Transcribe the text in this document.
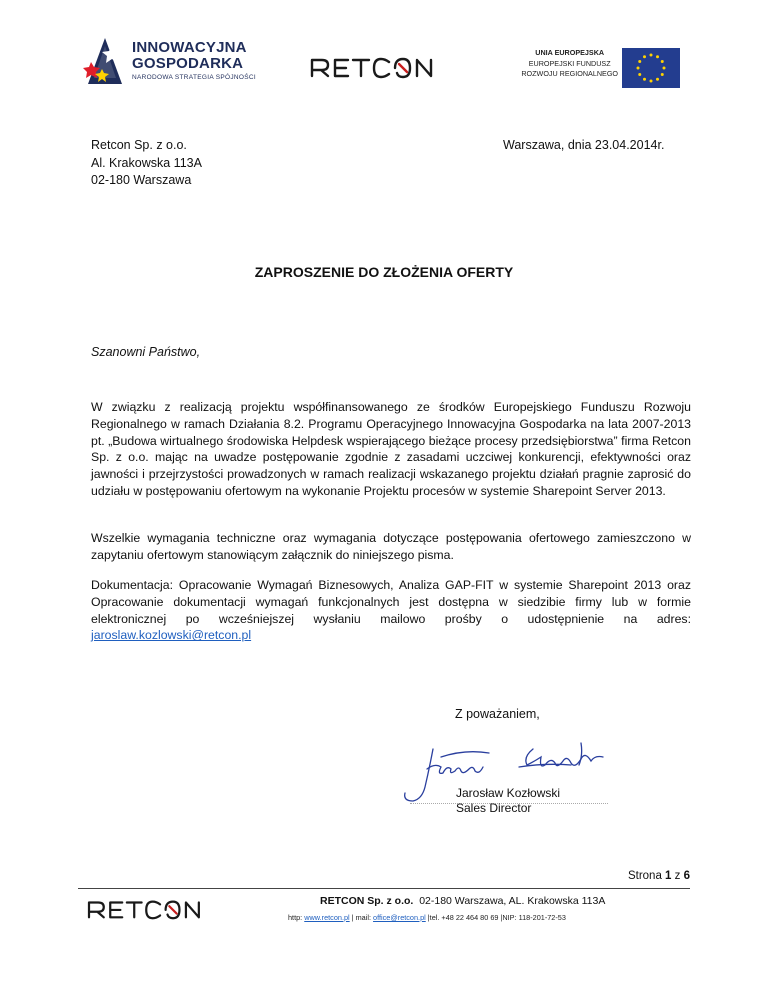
INNOWACYJNA
GOSPODARKA
NARODOWA STRATEGIA SPÓJNOŚCI
UNIA EUROPEJSKA
EUROPEJSKI FUNDUSZ
ROZWOJU REGIONALNEGO
Retcon Sp. z o.o.
Al. Krakowska 113A
02-180 Warszawa
Warszawa, dnia 23.04.2014r.
ZAPROSZENIE DO ZŁOŻENIA OFERTY
Szanowni Państwo,
W związku z realizacją projektu współfinansowanego ze środków Europejskiego Funduszu Rozwoju Regionalnego w ramach Działania 8.2. Programu Operacyjnego Innowacyjna Gospodarka na lata 2007-2013 pt. „Budowa wirtualnego środowiska Helpdesk wspierającego bieżące procesy przedsiębiorstwa” firma Retcon Sp. z o.o. mając na uwadze postępowanie zgodnie z zasadami uczciwej konkurencji, efektywności oraz jawności i przejrzystości prowadzonych w ramach realizacji wskazanego projektu działań pragnie zaprosić do udziału w postępowaniu ofertowym na wykonanie Projektu procesów w systemie Sharepoint Server 2013.
Wszelkie wymagania techniczne oraz wymagania dotyczące postępowania ofertowego zamieszczono w zapytaniu ofertowym stanowiącym załącznik do niniejszego pisma.
Dokumentacja: Opracowanie Wymagań Biznesowych, Analiza GAP-FIT w systemie Sharepoint 2013 oraz Opracowanie dokumentacji wymagań funkcjonalnych jest dostępna w siedzibie firmy lub w formie elektronicznej po wcześniejszej wysłaniu mailowo prośby o udostępnienie na adres: jaroslaw.kozlowski@retcon.pl
Z poważaniem,
Jarosław Kozłowski
Sales Director
Strona 1 z 6
RETCON Sp. z o.o. 02-180 Warszawa, AL. Krakowska 113A
http: www.retcon.pl | mail: office@retcon.pl |tel. +48 22 464 80 69 |NIP: 118-201-72-53
